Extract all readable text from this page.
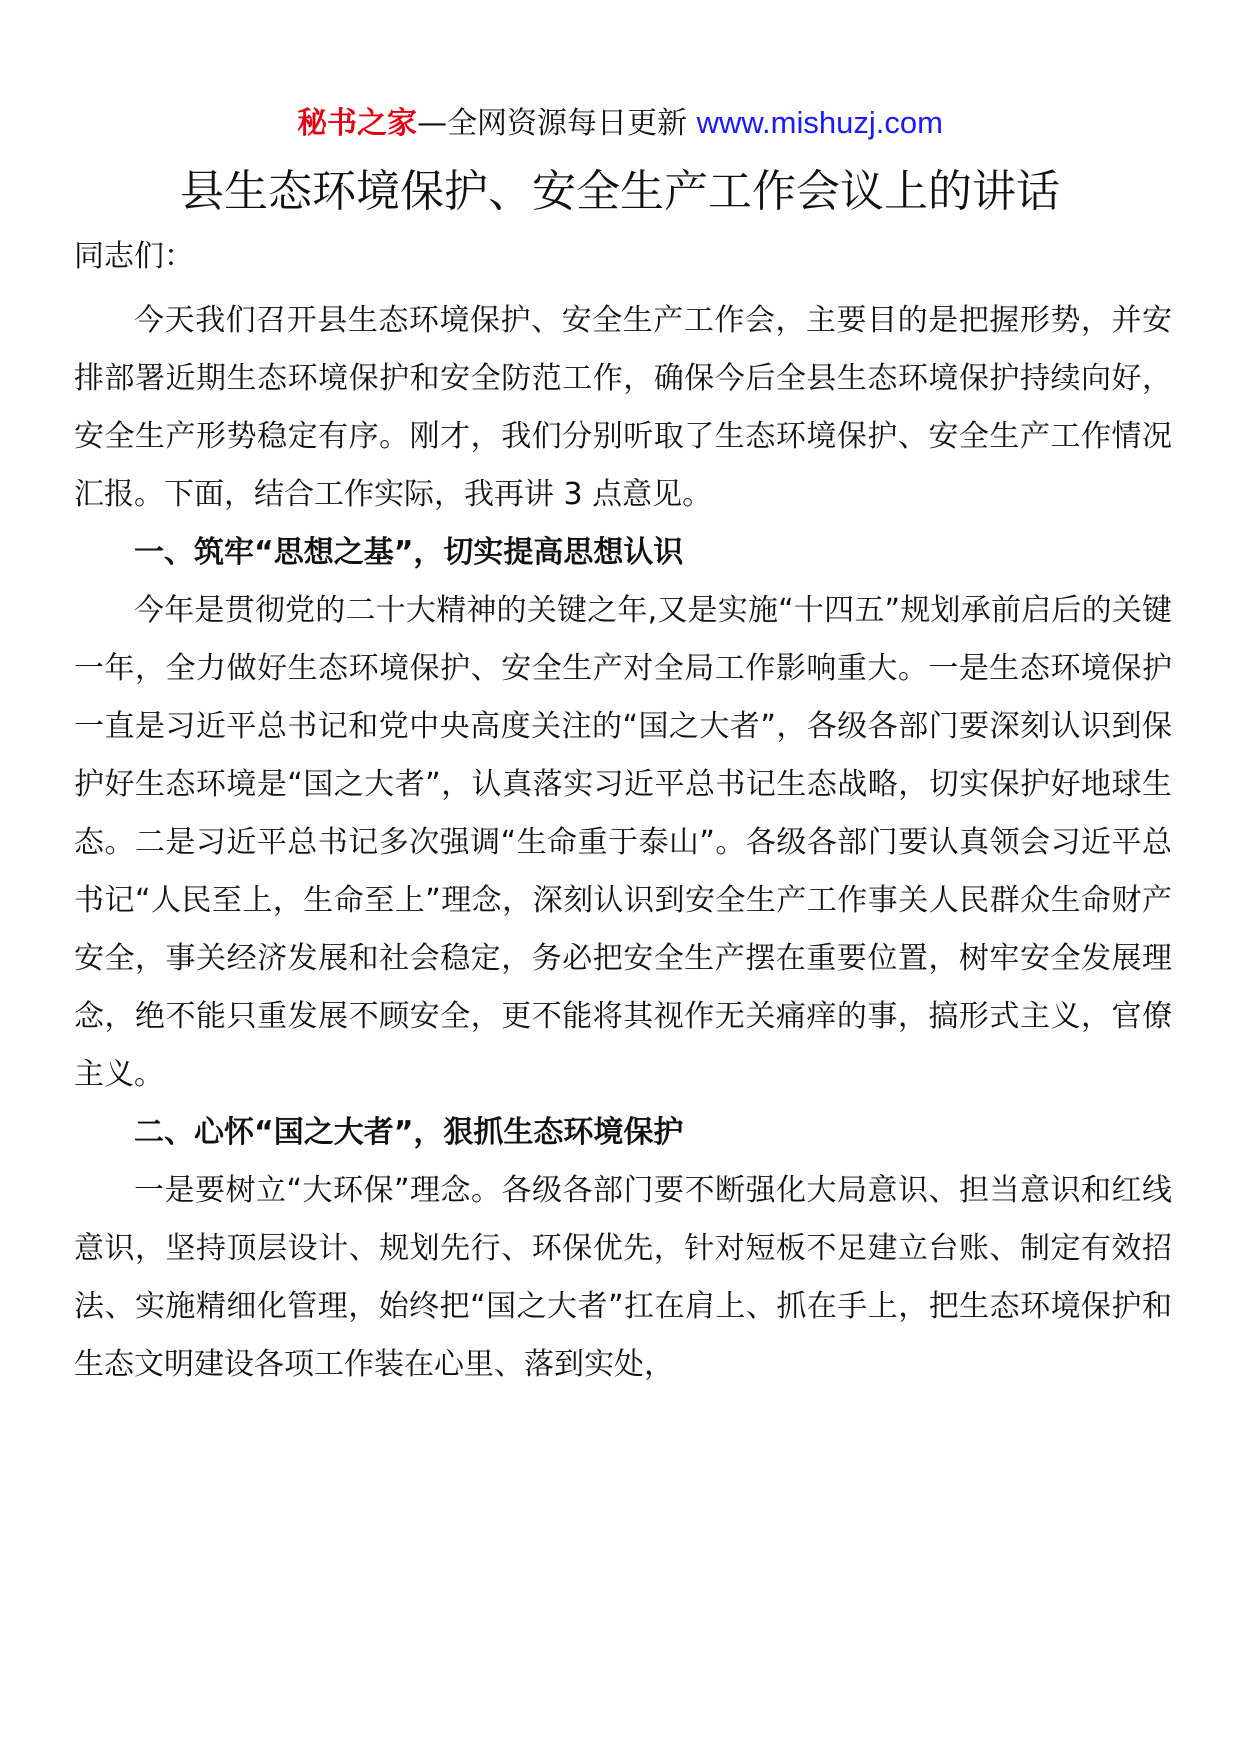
秘书之家—全网资源每日更新 www.mishuzj.com
县生态环境保护、安全生产工作会议上的讲话

同志们：

今天我们召开县生态环境保护、安全生产工作会，主要目的是把握形势，并安排部署近期生态环境保护和安全防范工作，确保今后全县生态环境保护持续向好，安全生产形势稳定有序。刚才，我们分别听取了生态环境保护、安全生产工作情况汇报。下面，结合工作实际，我再讲 3 点意见。

一、筑牢“思想之基”，切实提高思想认识

今年是贯彻党的二十大精神的关键之年,又是实施“十四五”规划承前启后的关键一年，全力做好生态环境保护、安全生产对全局工作影响重大。一是生态环境保护一直是习近平总书记和党中央高度关注的“国之大者”，各级各部门要深刻认识到保护好生态环境是“国之大者”，认真落实习近平总书记生态战略，切实保护好地球生态。二是习近平总书记多次强调“生命重于泰山”。各级各部门要认真领会习近平总书记“人民至上，生命至上”理念，深刻认识到安全生产工作事关人民群众生命财产安全，事关经济发展和社会稳定，务必把安全生产摆在重要位置，树牢安全发展理念，绝不能只重发展不顾安全，更不能将其视作无关痛痒的事，搞形式主义，官僚主义。

二、心怀“国之大者”，狠抓生态环境保护

一是要树立“大环保”理念。各级各部门要不断强化大局意识、担当意识和红线意识，坚持顶层设计、规划先行、环保优先，针对短板不足建立台账、制定有效招法、实施精细化管理，始终把“国之大者”扛在肩上、抓在手上，把生态环境保护和生态文明建设各项工作装在心里、落到实处，
